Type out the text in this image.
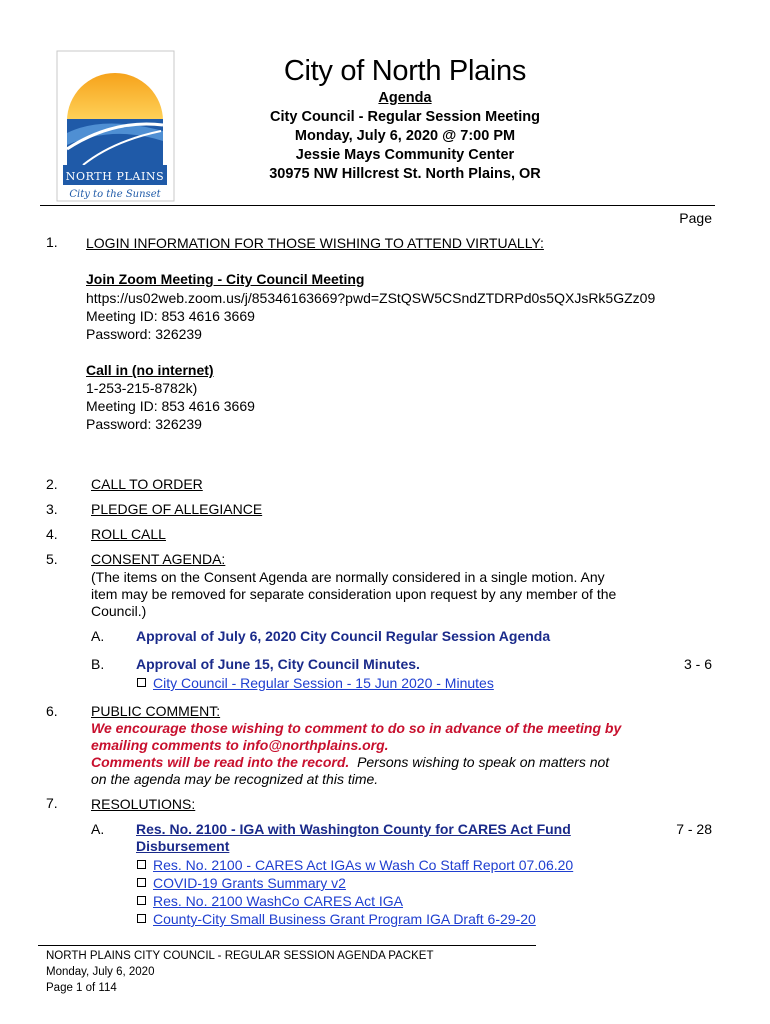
NORTH PLAINS
City to the Sunset
City of North Plains
Agenda
City Council - Regular Session Meeting
Monday, July 6, 2020 @ 7:00 PM
Jessie Mays Community Center
30975 NW Hillcrest St. North Plains, OR
Page
1. LOGIN INFORMATION FOR THOSE WISHING TO ATTEND VIRTUALLY:
Join Zoom Meeting - City Council Meeting
https://us02web.zoom.us/j/85346163669?pwd=ZStQSW5CSndZTDRPd0s5QXJsRk5GZz09
Meeting ID: 853 4616 3669
Password: 326239
Call in (no internet)
1-253-215-8782k)
Meeting ID: 853 4616 3669
Password: 326239
2. CALL TO ORDER
3. PLEDGE OF ALLEGIANCE
4. ROLL CALL
5. CONSENT AGENDA:
(The items on the Consent Agenda are normally considered in a single motion. Any
item may be removed for separate consideration upon request by any member of the
Council.)
A. Approval of July 6, 2020 City Council Regular Session Agenda
B. Approval of June 15, City Council Minutes.	3 - 6
City Council - Regular Session - 15 Jun 2020 - Minutes
6. PUBLIC COMMENT:
We encourage those wishing to comment to do so in advance of the meeting by
emailing comments to info@northplains.org.
Comments will be read into the record. Persons wishing to speak on matters not
on the agenda may be recognized at this time.
7. RESOLUTIONS:
A. Res. No. 2100 - IGA with Washington County for CARES Act Fund
Disbursement
7 - 28
Res. No. 2100 - CARES Act IGAs w Wash Co Staff Report 07.06.20
COVID-19 Grants Summary v2
Res. No. 2100 WashCo CARES Act IGA
County-City Small Business Grant Program IGA Draft 6-29-20
NORTH PLAINS CITY COUNCIL - REGULAR SESSION AGENDA PACKET
Monday, July 6, 2020
Page 1 of 114
